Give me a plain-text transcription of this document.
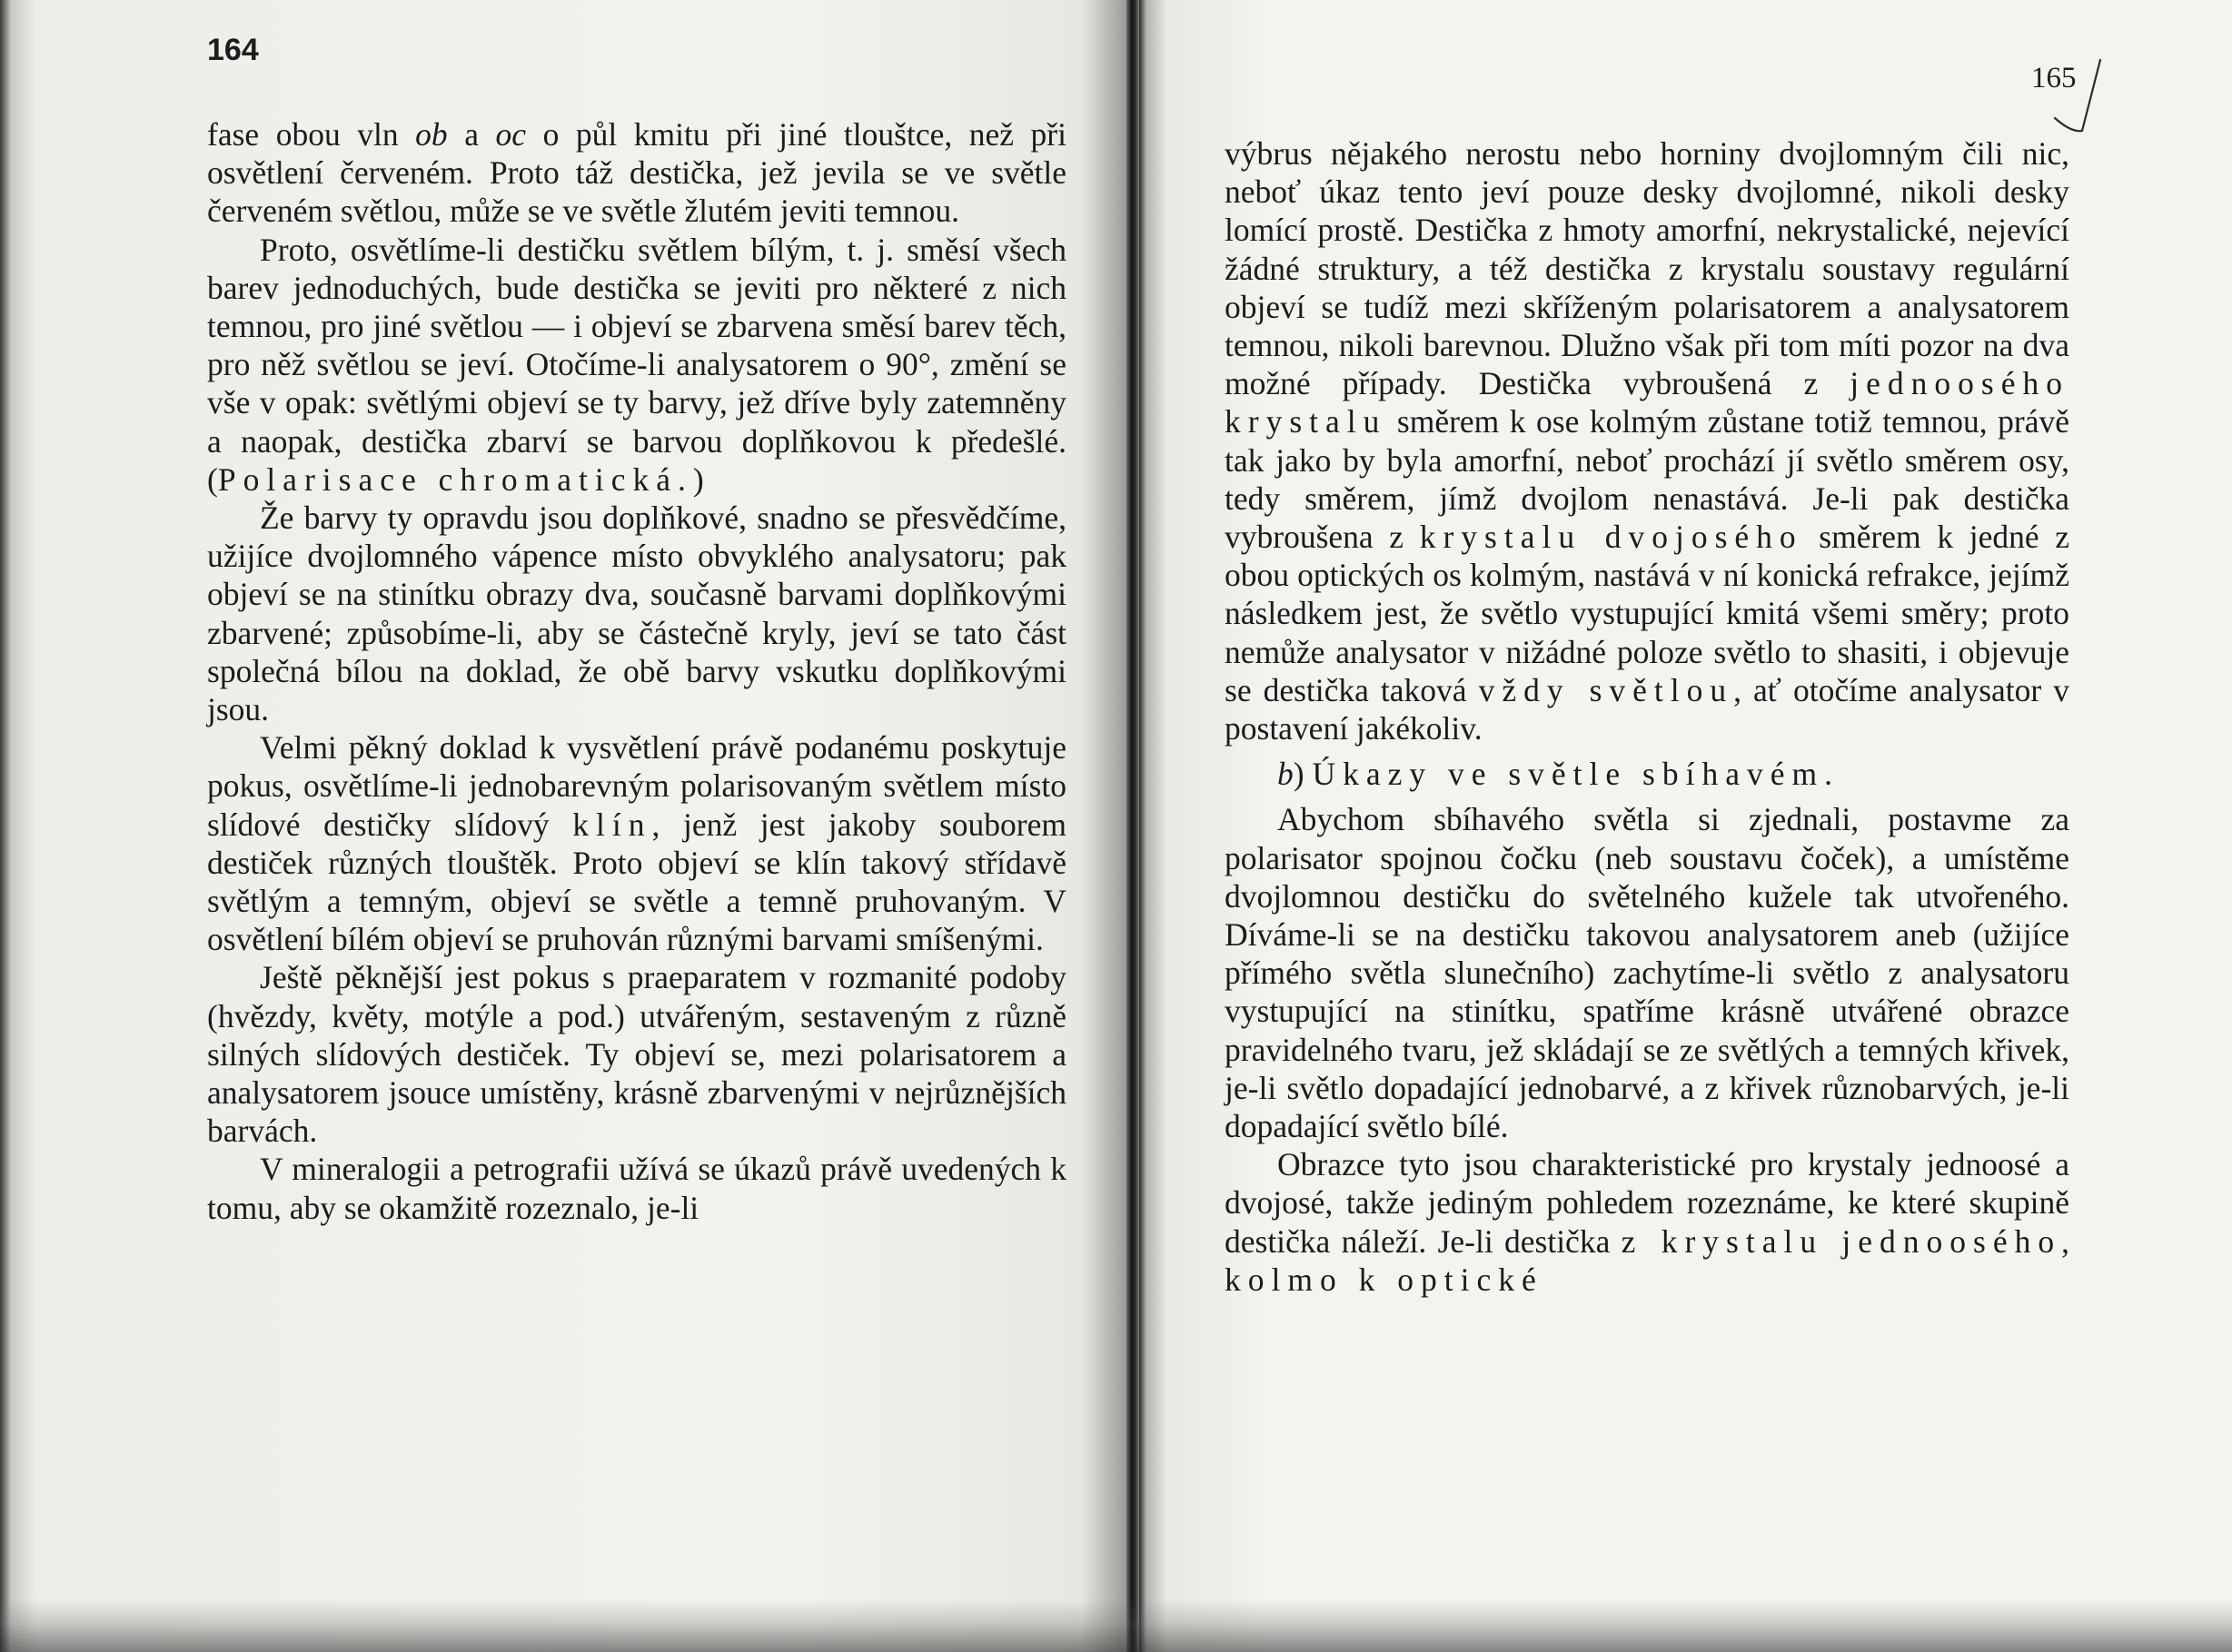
164
165

fase obou vln ob a oc o půl kmitu při jiné tlouštce, než při osvětlení červeném. Proto táž destička, jež jevila se ve světle červeném světlou, může se ve světle žlutém jeviti temnou.

Proto, osvětlíme-li destičku světlem bílým, t. j. směsí všech barev jednoduchých, bude destička se jeviti pro některé z nich temnou, pro jiné světlou — i objeví se zbarvena směsí barev těch, pro něž světlou se jeví. Otočíme-li analysatorem o 90°, změní se vše v opak: světlými objeví se ty barvy, jež dříve byly zatemněny a naopak, destička zbarví se barvou doplňkovou k předešlé. (Polarisace chromatická.)

Že barvy ty opravdu jsou doplňkové, snadno se přesvědčíme, užijíce dvojlomného vápence místo obvyklého analysatoru; pak objeví se na stinítku obrazy dva, současně barvami doplňkovými zbarvené; způsobíme-li, aby se částečně kryly, jeví se tato část společná bílou na doklad, že obě barvy vskutku doplňkovými jsou.

Velmi pěkný doklad k vysvětlení právě podanému poskytuje pokus, osvětlíme-li jednobarevným polarisovaným světlem místo slídové destičky slídový klín, jenž jest jakoby souborem destiček různých tlouštěk. Proto objeví se klín takový střídavě světlým a temným, objeví se světle a temně pruhovaným. V osvětlení bílém objeví se pruhován různými barvami smíšenými.

Ještě pěknější jest pokus s praeparatem v rozmanité podoby (hvězdy, květy, motýle a pod.) utvářeným, sestaveným z různě silných slídových destiček. Ty objeví se, mezi polarisatorem a analysatorem jsouce umístěny, krásně zbarvenými v nejrůznějších barvách.

V mineralogii a petrografii užívá se úkazů právě uvedených k tomu, aby se okamžitě rozeznalo, je-li

výbrus nějakého nerostu nebo horniny dvojlomným čili nic, neboť úkaz tento jeví pouze desky dvojlomné, nikoli desky lomící prostě. Destička z hmoty amorfní, nekrystalické, nejevící žádné struktury, a též destička z krystalu soustavy regulární objeví se tudíž mezi skříženým polarisatorem a analysatorem temnou, nikoli barevnou. Dlužno však při tom míti pozor na dva možné případy. Destička vybroušená z jednoosého krystalu směrem k ose kolmým zůstane totiž temnou, právě tak jako by byla amorfní, neboť prochází jí světlo směrem osy, tedy směrem, jímž dvojlom nenastává. Je-li pak destička vybroušena z krystalu dvojosého směrem k jedné z obou optických os kolmým, nastává v ní konická refrakce, jejímž následkem jest, že světlo vystupující kmitá všemi směry; proto nemůže analysator v nižádné poloze světlo to shasiti, i objevuje se destička taková vždy světlou, ať otočíme analysator v postavení jakékoliv.

b) Úkazy ve světle sbíhavém.

Abychom sbíhavého světla si zjednali, postavme za polarisator spojnou čočku (neb soustavu čoček), a umístěme dvojlomnou destičku do světelného kužele tak utvořeného. Díváme-li se na destičku takovou analysatorem aneb (užijíce přímého světla slunečního) zachytíme-li světlo z analysatoru vystupující na stinítku, spatříme krásně utvářené obrazce pravidelného tvaru, jež skládají se ze světlých a temných křivek, je-li světlo dopadající jednobarvé, a z křivek různobarvých, je-li dopadající světlo bílé.

Obrazce tyto jsou charakteristické pro krystaly jednoosé a dvojosé, takže jediným pohledem rozeznáme, ke které skupině destička náleží. Je-li destička z krystalu jednoosého, kolmo k optické
